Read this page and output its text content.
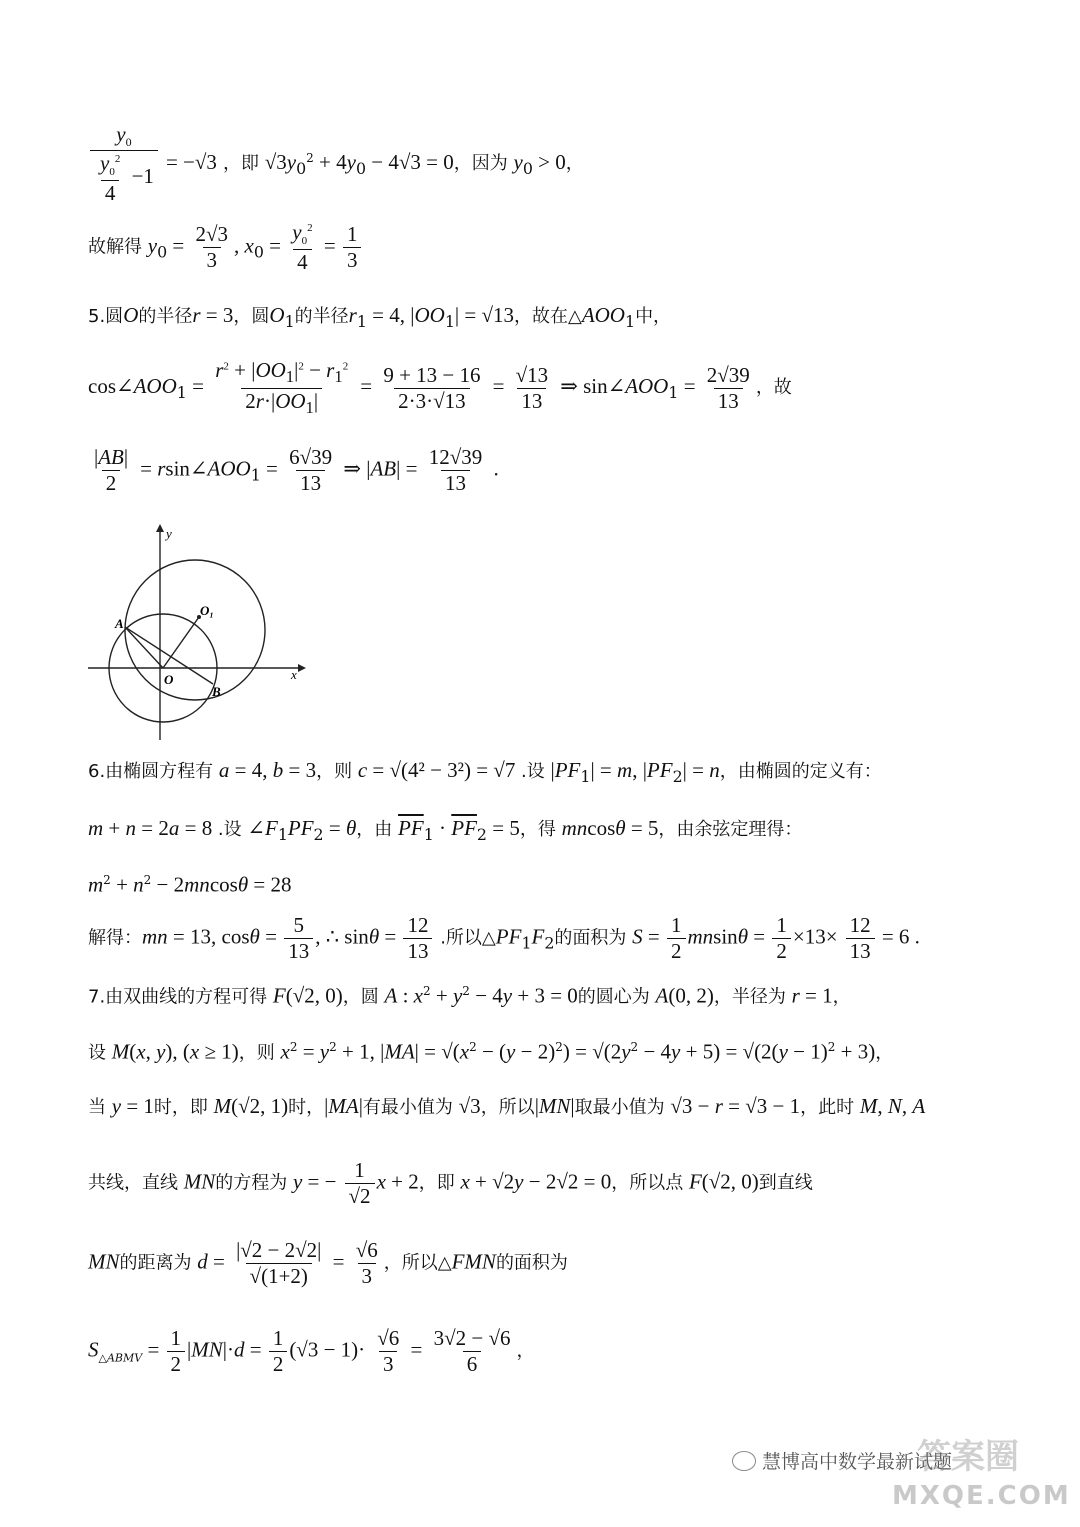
$\frac{y_0}{\frac{y_0^2}{4} -1} = -√3$ ，即 $√3y_0^2 + 4y_0 - 4√3 = 0$，因为 $y_0 > 0$，
故解得 $y_0 = \frac{2√3}{3}$ , $x_0 = \frac{y_0^2}{4} = \frac{1}{3}$
5.圆O的半径r = 3，圆$O_1$的半径$r_1 = 4$, $|OO_1| = √13$，故在$\triangle AOO_1$中，
$\cos\angle AOO_1 = \frac{r^2 + |OO_1|^2 - r_1^2}{2r\cdot|OO_1|} = \frac{9 + 13 - 16}{2\cdot 3\cdot√13} = \frac{√13}{13}$ ⇒ $\sin\angle AOO_1 = \frac{2√39}{13}$ ，故
$\frac{|AB|}{2}$ = $rsin\angle AOO_1 = \frac{6√39}{13}$ ⇒ $|AB| = \frac{12√39}{13}$ .
y
x
A
O
O₁
B
6.由椭圆方程有 a = 4, b = 3，则 c = √(4² − 3²) = √7 .设 $|PF_1| = m$, $|PF_2| = n$，由椭圆的定义有：
m + n = 2a = 8 .设 $\angle F_1PF_2 = \theta$，由 $\overline{PF}_1 \cdot \overline{PF}_2 = 5$，得 mncosθ = 5，由余弦定理得：
$m^2 + n^2 - 2mncos\theta = 28$
解得：mn = 13, $\cos\theta = \frac{5}{13}$ , ∴ $\sin\theta = \frac{12}{13}$ .所以$\triangle PF_1F_2$的面积为 $S = \frac{1}{2}$ $mnsin\theta = \frac{1}{2} \times 13\times \frac{12}{13} = 6$ .
7.由双曲线的方程可得 F(√2, 0)，圆 A : $x^2 + y^2 - 4y + 3 = 0$的圆心为 A(0, 2)，半径为 r = 1，
设 M(x, y), (x ≥ 1)，则 $x^2 = y^2 + 1$, $|MA| = √(x^2 - (y - 2)^2) = √(2y^2 - 4y + 5) = √(2(y - 1)^2 + 3)$，
当 y = 1时，即 M(√2, 1)时，|MA|有最小值为 √3，所以|MN|取最小值为 √3 − r = √3 − 1，此时 M, N, A
共线，直线 MN的方程为 y = − $\frac{1}{√2}$ x + 2，即 x + √2y − 2√2 = 0，所以点 F(√2, 0)到直线
MN的距离为 $d = \frac{|√2 - 2√2|}{√(1+2)} = \frac{√6}{3}$ ，所以△FMN的面积为
$S_{\triangle ABMV} = \frac{1}{2} |MN|\cdot d = \frac{1}{2} (√3 - 1)\cdot \frac{√6}{3} = \frac{3√2 - √6}{6}$ ，
慧博高中数学最新试题
答案圈
MXQE.COM
